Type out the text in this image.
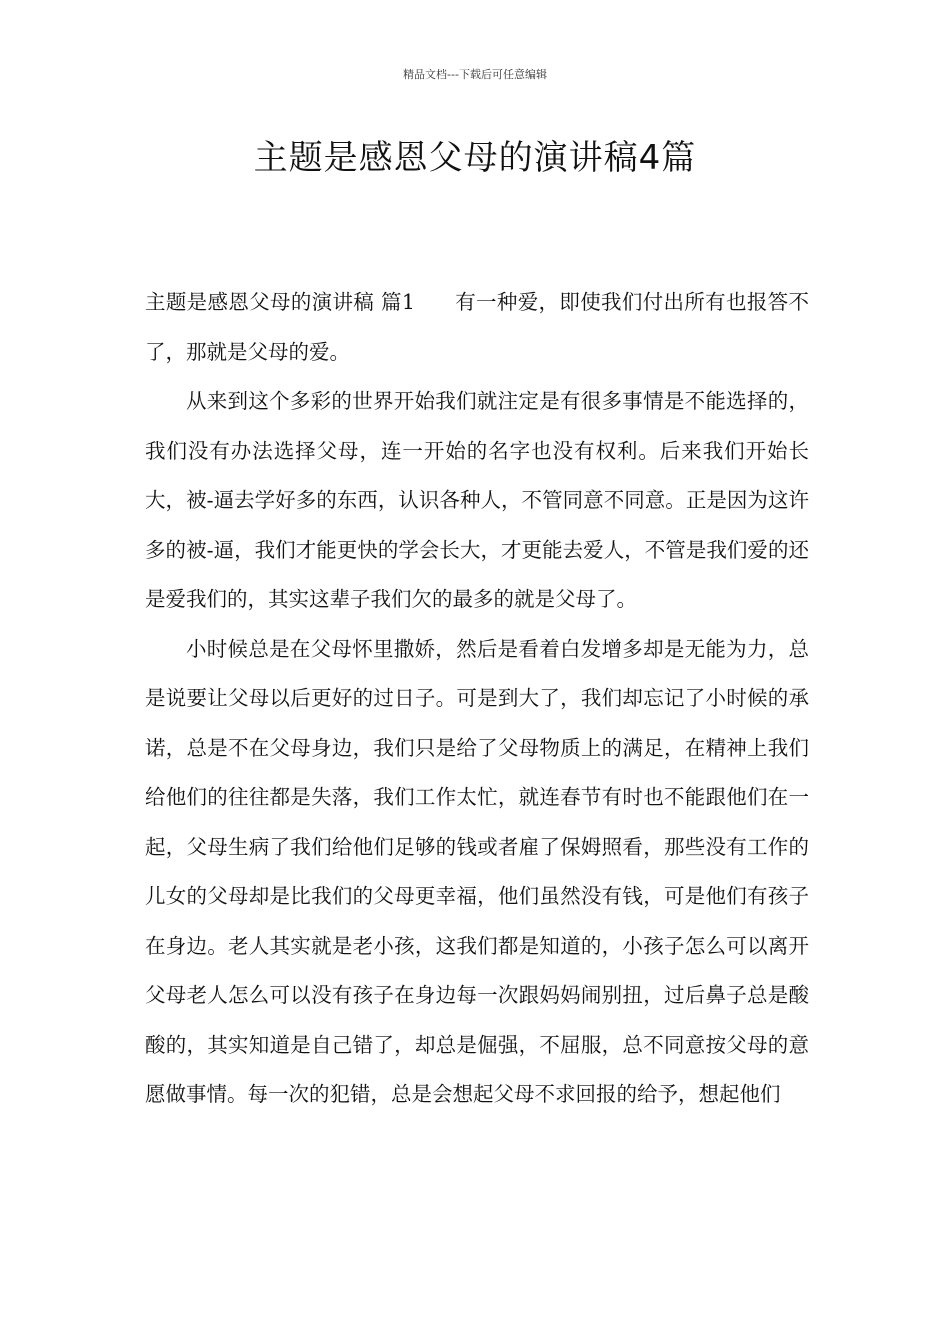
精品文档---下载后可任意编辑
主题是感恩父母的演讲稿4篇

主题是感恩父母的演讲稿 篇1 有一种爱，即使我们付出所有也报答不了，那就是父母的爱。

从来到这个多彩的世界开始我们就注定是有很多事情是不能选择的，我们没有办法选择父母，连一开始的名字也没有权利。后来我们开始长大，被-逼去学好多的东西，认识各种人，不管同意不同意。正是因为这许多的被-逼，我们才能更快的学会长大，才更能去爱人，不管是我们爱的还是爱我们的，其实这辈子我们欠的最多的就是父母了。

小时候总是在父母怀里撒娇，然后是看着白发增多却是无能为力，总是说要让父母以后更好的过日子。可是到大了，我们却忘记了小时候的承诺，总是不在父母身边，我们只是给了父母物质上的满足，在精神上我们给他们的往往都是失落，我们工作太忙，就连春节有时也不能跟他们在一起，父母生病了我们给他们足够的钱或者雇了保姆照看，那些没有工作的儿女的父母却是比我们的父母更幸福，他们虽然没有钱，可是他们有孩子在身边。老人其实就是老小孩，这我们都是知道的，小孩子怎么可以离开父母老人怎么可以没有孩子在身边每一次跟妈妈闹别扭，过后鼻子总是酸酸的，其实知道是自己错了，却总是倔强，不屈服，总不同意按父母的意愿做事情。每一次的犯错，总是会想起父母不求回报的给予，想起他们
